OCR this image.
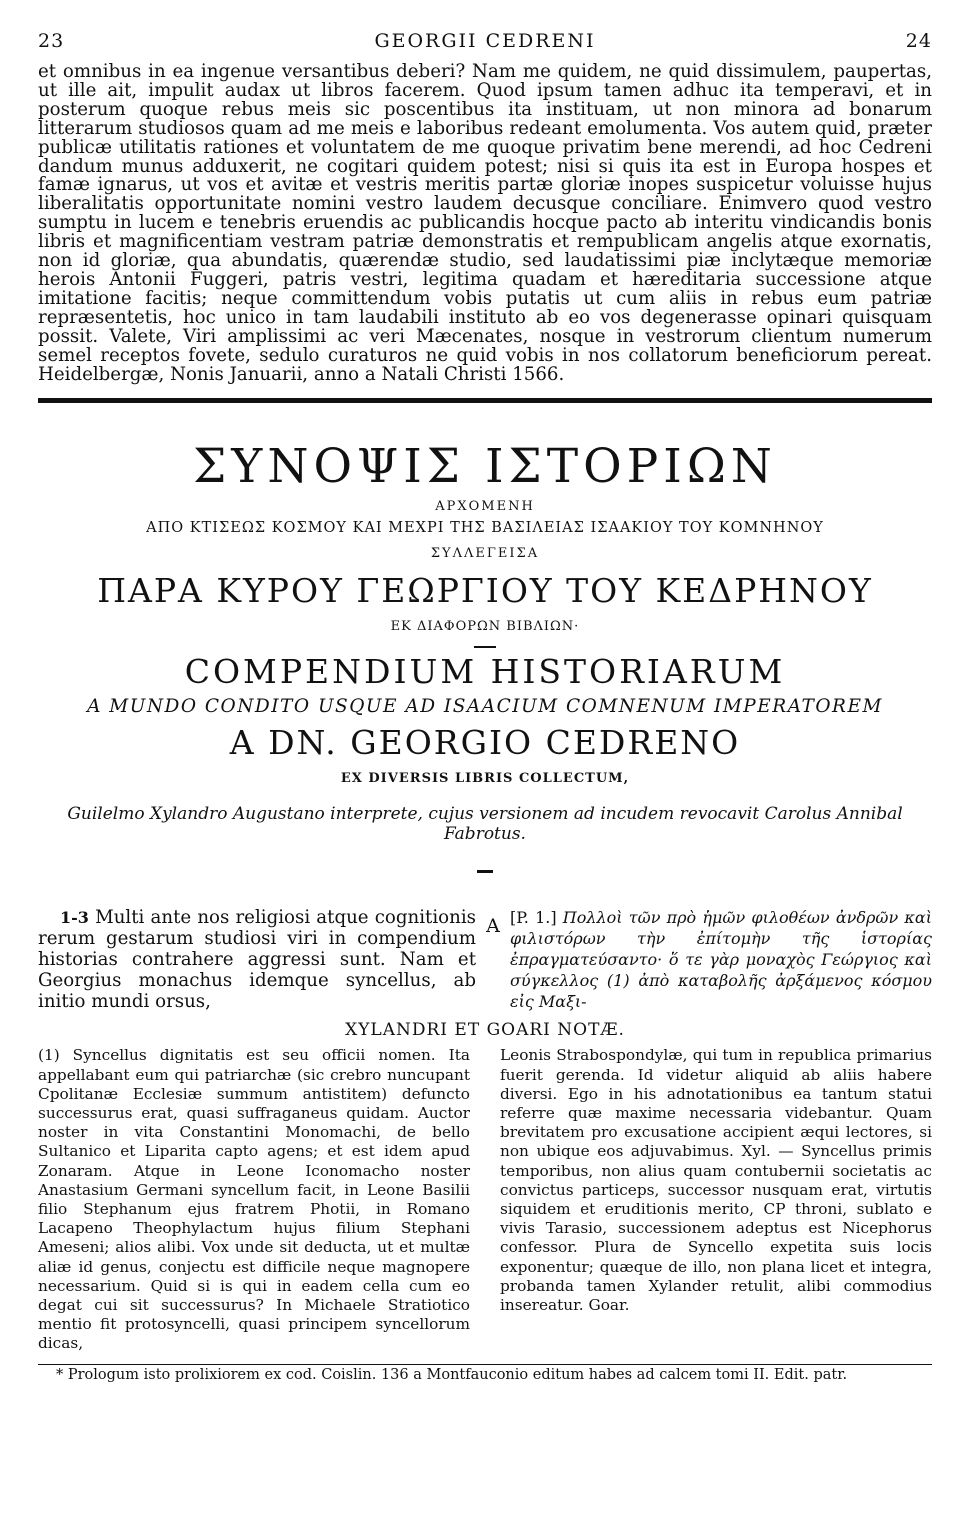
23	GEORGII CEDRENI	24

et omnibus in ea ingenue versantibus deberi? Nam me quidem, ne quid dissimulem, paupertas, ut ille ait, impulit audax ut libros facerem. Quod ipsum tamen adhuc ita temperavi, et in posterum quoque rebus meis sic poscentibus ita instituam, ut non minora ad bonarum litterarum studiosos quam ad me meis e laboribus redeant emolumenta. Vos autem quid, præter publicæ utilitatis rationes et voluntatem de me quoque privatim bene merendi, ad hoc Cedreni dandum munus adduxerit, ne cogitari quidem potest; nisi si quis ita est in Europa hospes et famæ ignarus, ut vos et avitæ et vestris meritis partæ gloriæ inopes suspicetur voluisse hujus liberalitatis opportunitate nomini vestro laudem decusque conciliare. Enimvero quod vestro sumptu in lucem e tenebris eruendis ac publicandis hocque pacto ab interitu vindicandis bonis libris et magnificentiam vestram patriæ demonstratis et rempublicam angelis atque exornatis, non id gloriæ, qua abundatis, quærendæ studio, sed laudatissimi piæ inclytæque memoriæ herois Antonii Fuggeri, patris vestri, legitima quadam et hæreditaria successione atque imitatione facitis; neque committendum vobis putatis ut cum aliis in rebus eum patriæ repræsentetis, hoc unico in tam laudabili instituto ab eo vos degenerasse opinari quisquam possit. Valete, Viri amplissimi ac veri Mæcenates, nosque in vestrorum clientum numerum semel receptos fovete, sedulo curaturos ne quid vobis in nos collatorum beneficiorum pereat. Heidelbergæ, Nonis Januarii, anno a Natali Christi 1566.

ΣΥΝΟΨΙΣ ΙΣΤΟΡΙΩΝ
ΑΡΧΟΜΕΝΗ
ΑΠΟ ΚΤΙΣΕΩΣ ΚΟΣΜΟΥ ΚΑΙ ΜΕΧΡΙ ΤΗΣ ΒΑΣΙΛΕΙΑΣ ΙΣΑΑΚΙΟΥ ΤΟΥ ΚΟΜΝΗΝΟΥ
ΣΥΛΛΕΓΕΙΣΑ
ΠΑΡΑ ΚΥΡΟΥ ΓΕΩΡΓΙΟΥ ΤΟΥ ΚΕΔΡΗΝΟΥ
ΕΚ ΔΙΑΦΟΡΩΝ ΒΙΒΛΙΩΝ·
COMPENDIUM HISTORIARUM
A MUNDO CONDITO USQUE AD ISAACIUM COMNENUM IMPERATOREM
A DN. GEORGIO CEDRENO
EX DIVERSIS LIBRIS COLLECTUM,
Guilelmo Xylandro Augustano interprete, cujus versionem ad incudem revocavit Carolus Annibal Fabrotus.
1-3 Multi ante nos religiosi atque cognitionis rerum gestarum studiosi viri in compendium historias contrahere aggressi sunt. Nam et Georgius monachus idemque syncellus, ab initio mundi orsus,
A [P. 1.] Πολλοὶ τῶν πρὸ ἡμῶν φιλοθέων ἀνδρῶν καὶ φιλιστόρων τὴν ἐπίτομὴν τῆς ἱστορίας ἐπραγματεύσαντο· ὅ τε γὰρ μοναχὸς Γεώργιος καὶ σύγκελλος (1) ἀπὸ καταβολῆς ἀρξάμενος κόσμου εἰς Μαξι-
XYLANDRI ET GOARI NOTÆ.

(1) Syncellus dignitatis est seu officii nomen. Ita appellabant eum qui patriarchæ (sic crebro nuncupant Cpolitanæ Ecclesiæ summum antistitem) defuncto successurus erat, quasi suffraganeus quidam. Auctor noster in vita Constantini Monomachi, de bello Sultanico et Liparita capto agens; et est idem apud Zonaram. Atque in Leone Iconomacho noster Anastasium Germani syncellum facit, in Leone Basilii filio Stephanum ejus fratrem Photii, in Romano Lacapeno Theophylactum hujus filium Stephani Ameseni; alios alibi. Vox unde sit deducta, ut et multæ aliæ id genus, conjectu est difficile neque magnopere necessarium. Quid si is qui in eadem cella cum eo degat cui sit successurus? In Michaele Stratiotico mentio fit protosyncelli, quasi principem syncellorum dicas,

Leonis Strabospondylæ, qui tum in republica primarius fuerit gerenda. Id videtur aliquid ab aliis habere diversi. Ego in his adnotationibus ea tantum statui referre quæ maxime necessaria videbantur. Quam brevitatem pro excusatione accipient æqui lectores, si non ubique eos adjuvabimus. Xyl. — Syncellus primis temporibus, non alius quam contubernii societatis ac convictus particeps, successor nusquam erat, virtutis siquidem et eruditionis merito, CP throni, sublato e vivis Tarasio, successionem adeptus est Nicephorus confessor. Plura de Syncello expetita suis locis exponentur; quæque de illo, non plana licet et integra, probanda tamen Xylander retulit, alibi commodius insereatur. Goar.

* Prologum isto prolixiorem ex cod. Coislin. 136 a Montfauconio editum habes ad calcem tomi II. Edit. patr.
